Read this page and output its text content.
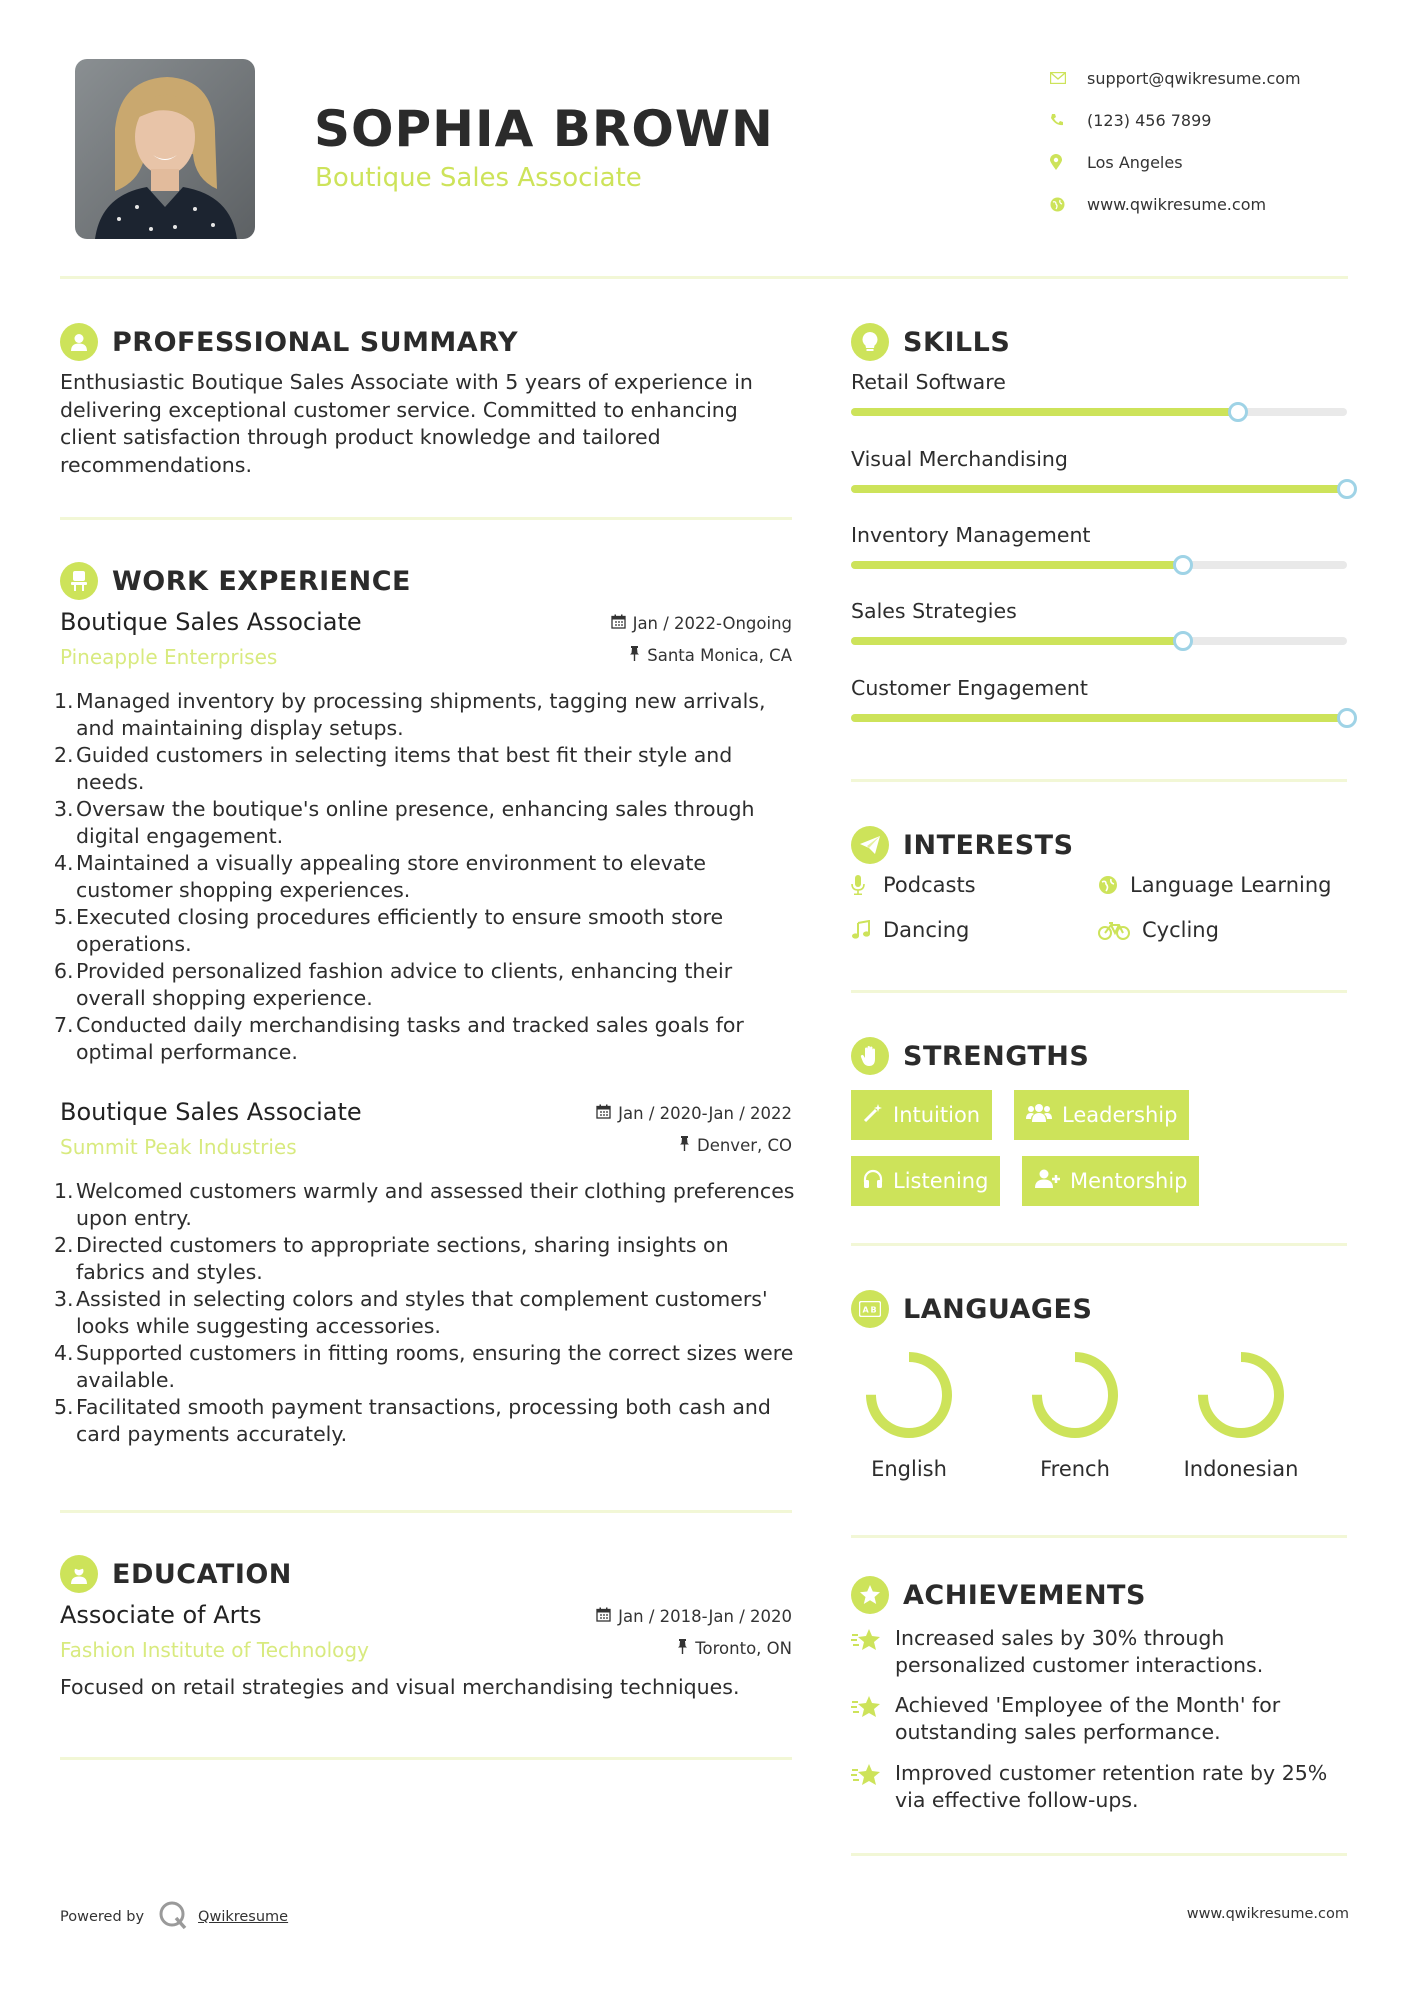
SOPHIA BROWN
Boutique Sales Associate
support@qwikresume.com
(123) 456 7899
Los Angeles
www.qwikresume.com
PROFESSIONAL SUMMARY
Enthusiastic Boutique Sales Associate with 5 years of experience in delivering exceptional customer service. Committed to enhancing client satisfaction through product knowledge and tailored recommendations.
WORK EXPERIENCE
Boutique Sales Associate
Pineapple Enterprises
Jan / 2022-Ongoing
Santa Monica, CA
1. Managed inventory by processing shipments, tagging new arrivals, and maintaining display setups.
2. Guided customers in selecting items that best fit their style and needs.
3. Oversaw the boutique's online presence, enhancing sales through digital engagement.
4. Maintained a visually appealing store environment to elevate customer shopping experiences.
5. Executed closing procedures efficiently to ensure smooth store operations.
6. Provided personalized fashion advice to clients, enhancing their overall shopping experience.
7. Conducted daily merchandising tasks and tracked sales goals for optimal performance.
Boutique Sales Associate
Summit Peak Industries
Jan / 2020-Jan / 2022
Denver, CO
1. Welcomed customers warmly and assessed their clothing preferences upon entry.
2. Directed customers to appropriate sections, sharing insights on fabrics and styles.
3. Assisted in selecting colors and styles that complement customers' looks while suggesting accessories.
4. Supported customers in fitting rooms, ensuring the correct sizes were available.
5. Facilitated smooth payment transactions, processing both cash and card payments accurately.
EDUCATION
Associate of Arts
Fashion Institute of Technology
Jan / 2018-Jan / 2020
Toronto, ON
Focused on retail strategies and visual merchandising techniques.
SKILLS
Retail Software
Visual Merchandising
Inventory Management
Sales Strategies
Customer Engagement
INTERESTS
Podcasts	Language Learning
Dancing	Cycling
STRENGTHS
Intuition	Leadership
Listening	Mentorship
A B LANGUAGES
English	French	Indonesian
ACHIEVEMENTS
Increased sales by 30% through personalized customer interactions.
Achieved 'Employee of the Month' for outstanding sales performance.
Improved customer retention rate by 25% via effective follow-ups.
Powered by	Qwikresume	www.qwikresume.com
